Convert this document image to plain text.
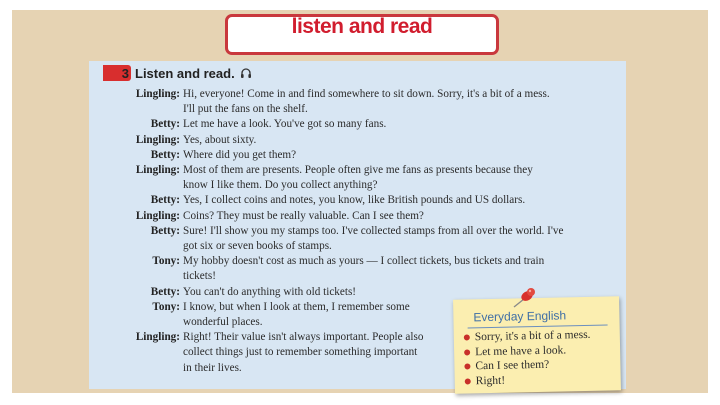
listen and read
3 Listen and read.
Lingling: Hi, everyone! Come in and find somewhere to sit down. Sorry, it's a bit of a mess.
I'll put the fans on the shelf.
Betty: Let me have a look. You've got so many fans.
Lingling: Yes, about sixty.
Betty: Where did you get them?
Lingling: Most of them are presents. People often give me fans as presents because they
know I like them. Do you collect anything?
Betty: Yes, I collect coins and notes, you know, like British pounds and US dollars.
Lingling: Coins? They must be really valuable. Can I see them?
Betty: Sure! I'll show you my stamps too. I've collected stamps from all over the world. I've
got six or seven books of stamps.
Tony: My hobby doesn't cost as much as yours — I collect tickets, bus tickets and train
tickets!
Betty: You can't do anything with old tickets!
Tony: I know, but when I look at them, I remember some
wonderful places.
Lingling: Right! Their value isn't always important. People also
collect things just to remember something important
in their lives.
Everyday English
Sorry, it's a bit of a mess.
Let me have a look.
Can I see them?
Right!
